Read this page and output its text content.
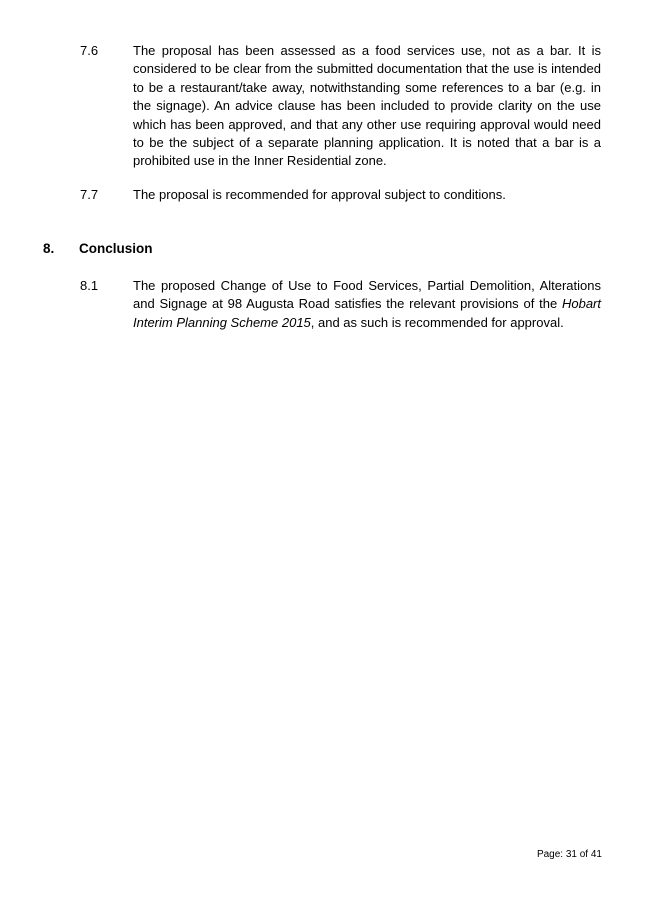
7.6	The proposal has been assessed as a food services use, not as a bar. It is considered to be clear from the submitted documentation that the use is intended to be a restaurant/take away, notwithstanding some references to a bar (e.g. in the signage). An advice clause has been included to provide clarity on the use which has been approved, and that any other use requiring approval would need to be the subject of a separate planning application. It is noted that a bar is a prohibited use in the Inner Residential zone.
7.7	The proposal is recommended for approval subject to conditions.
8. Conclusion
8.1	The proposed Change of Use to Food Services, Partial Demolition, Alterations and Signage at 98 Augusta Road satisfies the relevant provisions of the Hobart Interim Planning Scheme 2015, and as such is recommended for approval.
Page: 31 of 41
